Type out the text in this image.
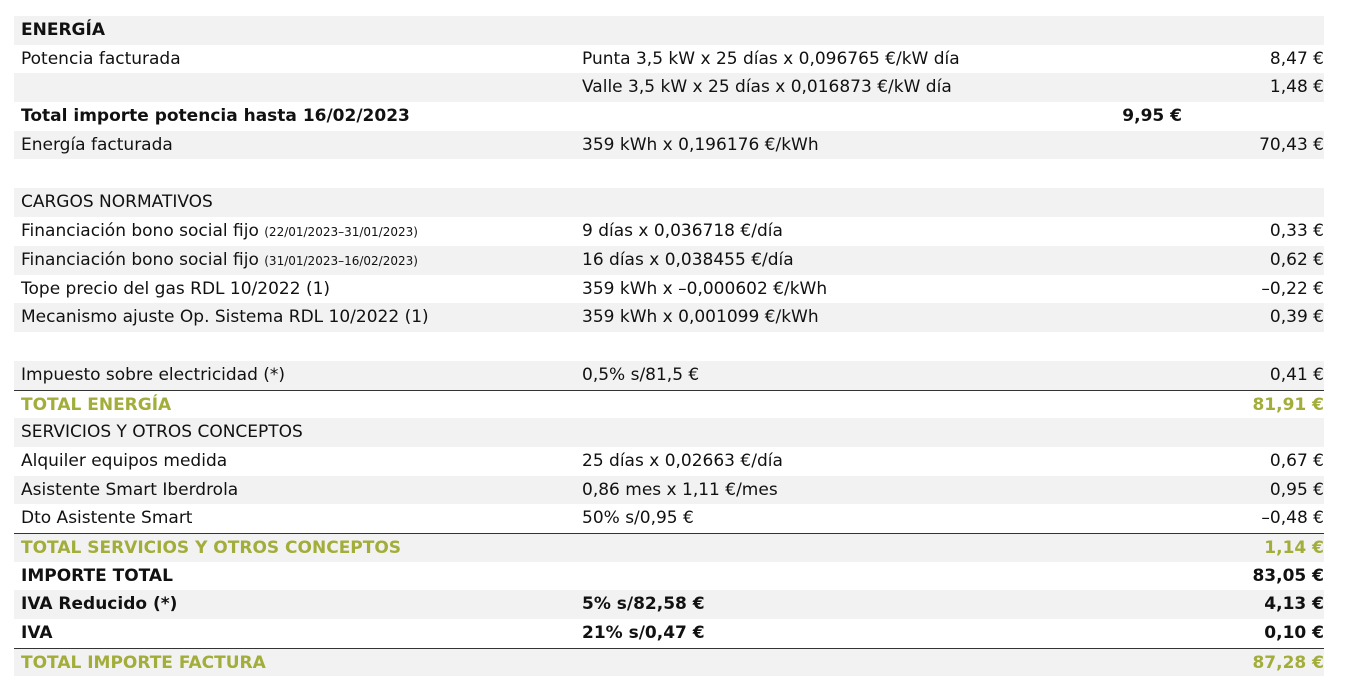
ENERGÍA
Potencia facturada	Punta 3,5 kW x 25 días x 0,096765 €/kW día	8,47 €
Valle 3,5 kW x 25 días x 0,016873 €/kW día	1,48 €
Total importe potencia hasta 16/02/2023	9,95 €
Energía facturada	359 kWh x 0,196176 €/kWh	70,43 €
CARGOS NORMATIVOS
Financiación bono social fijo (22/01/2023–31/01/2023)	9 días x 0,036718 €/día	0,33 €
Financiación bono social fijo (31/01/2023–16/02/2023)	16 días x 0,038455 €/día	0,62 €
Tope precio del gas RDL 10/2022 (1)	359 kWh x –0,000602 €/kWh	–0,22 €
Mecanismo ajuste Op. Sistema RDL 10/2022 (1)	359 kWh x 0,001099 €/kWh	0,39 €
Impuesto sobre electricidad (*)	0,5% s/81,5 €	0,41 €
TOTAL ENERGÍA	81,91 €
SERVICIOS Y OTROS CONCEPTOS
Alquiler equipos medida	25 días x 0,02663 €/día	0,67 €
Asistente Smart Iberdrola	0,86 mes x 1,11 €/mes	0,95 €
Dto Asistente Smart	50% s/0,95 €	–0,48 €
TOTAL SERVICIOS Y OTROS CONCEPTOS	1,14 €
IMPORTE TOTAL	83,05 €
IVA Reducido (*)	5% s/82,58 €	4,13 €
IVA	21% s/0,47 €	0,10 €
TOTAL IMPORTE FACTURA	87,28 €
